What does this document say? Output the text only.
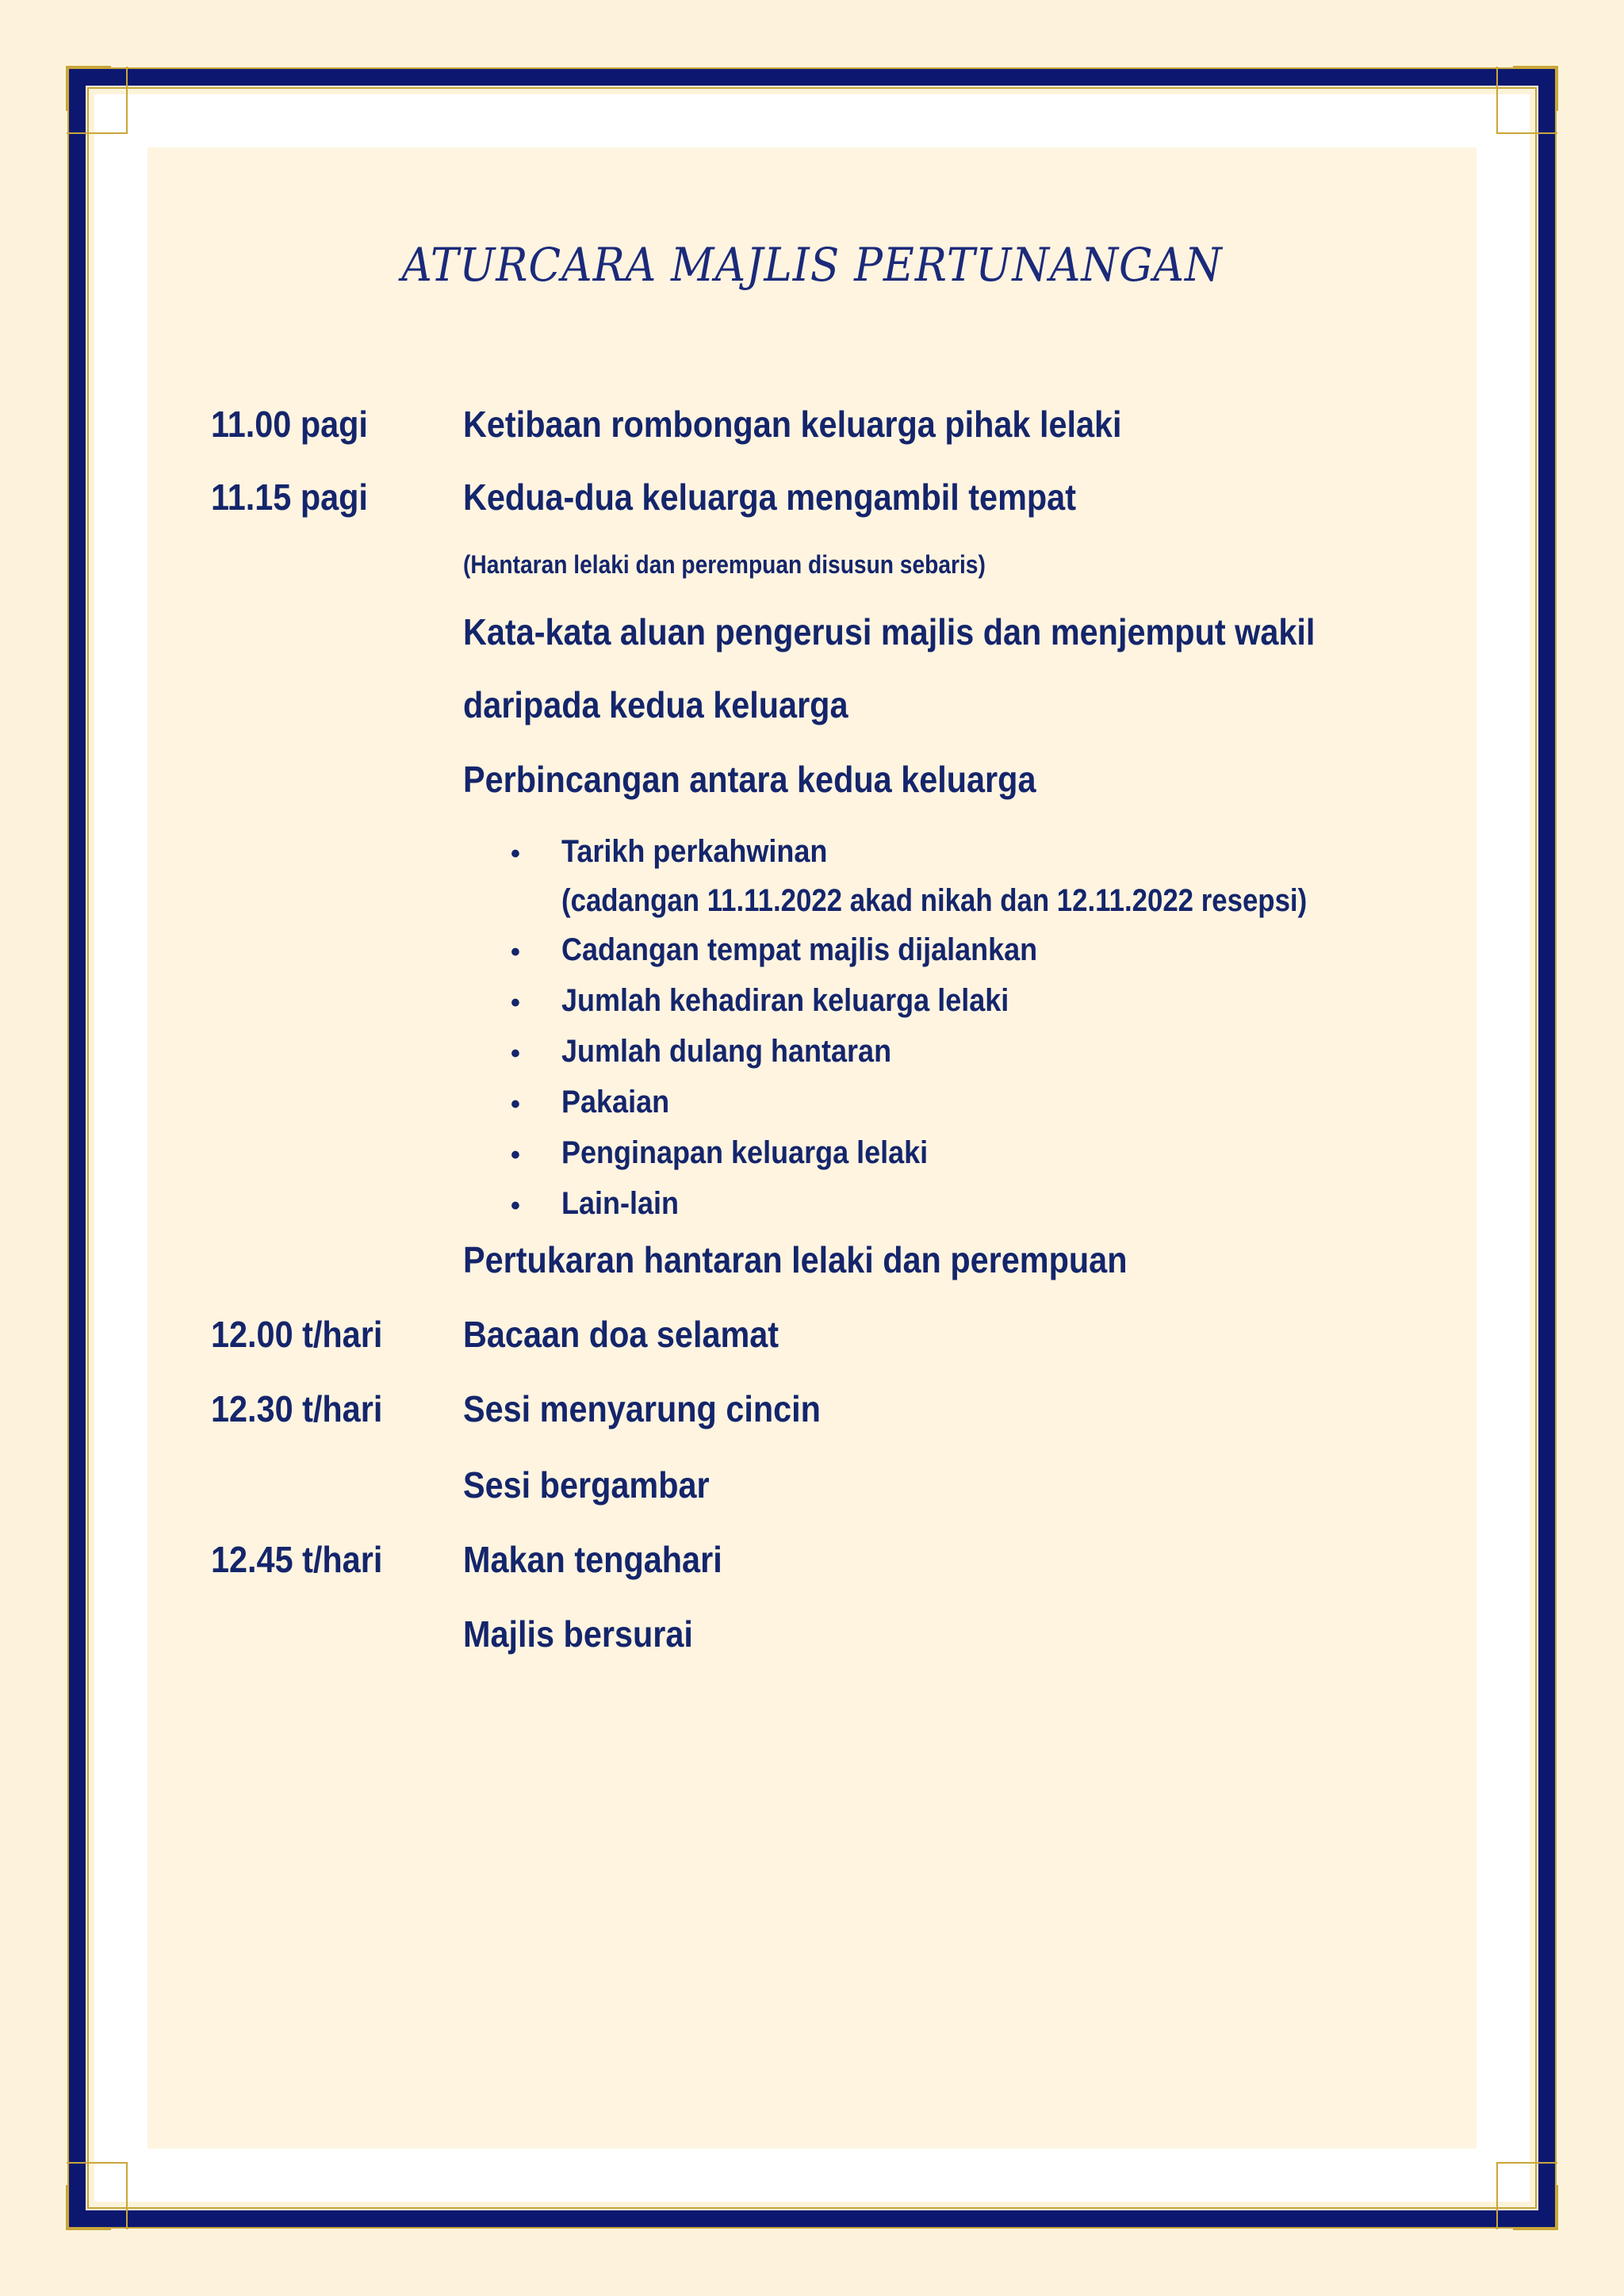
ATURCARA MAJLIS PERTUNANGAN
11.00 pagi	Ketibaan rombongan keluarga pihak lelaki
11.15 pagi	Kedua-dua keluarga mengambil tempat
(Hantaran lelaki dan perempuan disusun sebaris)
Kata-kata aluan pengerusi majlis dan menjemput wakil
daripada kedua keluarga
Perbincangan antara kedua keluarga
• Tarikh perkahwinan
(cadangan 11.11.2022 akad nikah dan 12.11.2022 resepsi)
• Cadangan tempat majlis dijalankan
• Jumlah kehadiran keluarga lelaki
• Jumlah dulang hantaran
• Pakaian
• Penginapan keluarga lelaki
• Lain-lain
Pertukaran hantaran lelaki dan perempuan
12.00 t/hari Bacaan doa selamat
12.30 t/hari Sesi menyarung cincin
Sesi bergambar
12.45 t/hari Makan tengahari
Majlis bersurai
